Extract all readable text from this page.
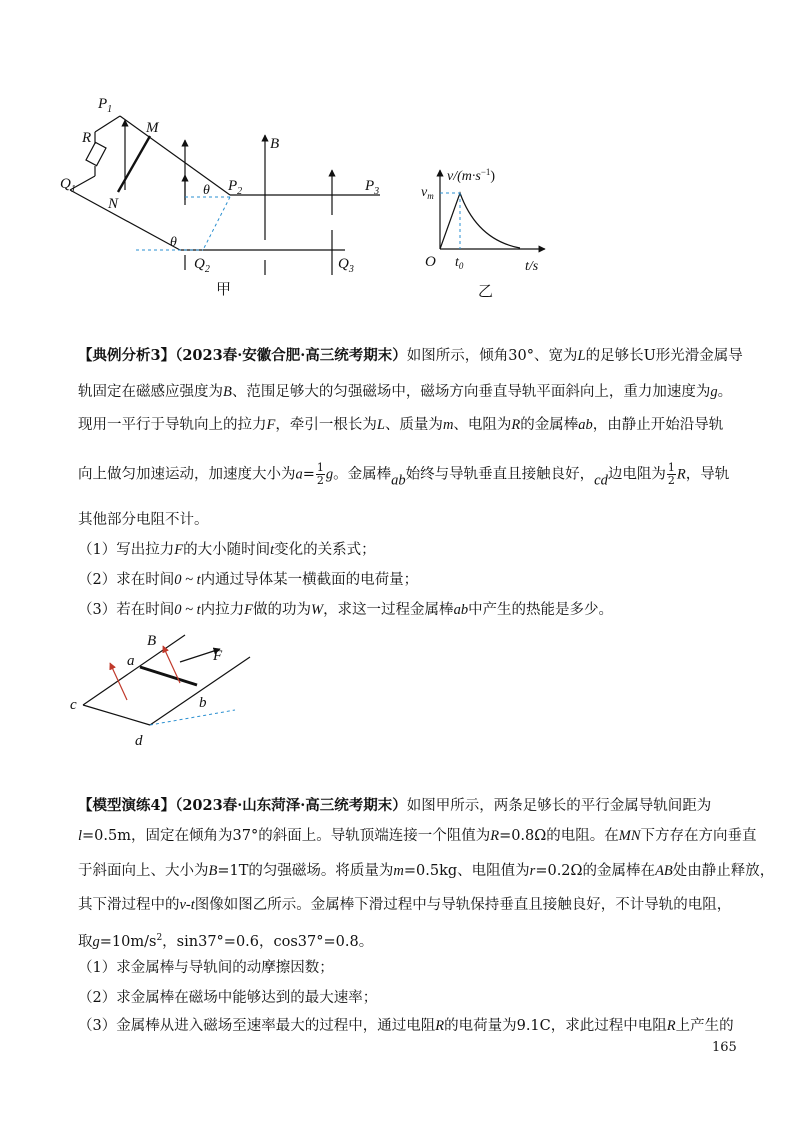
$P_1$
R
M
$Q_1$
N
B
θ $P_2$	$P_3$
θ
$Q_2$	$Q_3$
甲
$v/(m\cdot s^{-1})$
$v_m$
O $t_0$	t/s
乙
【典例分析3】（2023春·安徽合肥·高三统考期末）如图所示，倾角30°、宽为L的足够长U形光滑金属导
轨固定在磁感应强度为B、范围足够大的匀强磁场中，磁场方向垂直导轨平面斜向上，重力加速度为g。
现用一平行于导轨向上的拉力F，牵引一根长为L、质量为m、电阻为R的金属棒ab，由静止开始沿导轨
向上做匀加速运动，加速度大小为$a= \frac{1}{2}$ g。金属棒ab始终与导轨垂直且接触良好，cd边电阻为 $\frac{1}{2}$ R，导轨
其他部分电阻不计。
（1）写出拉力F的大小随时间t变化的关系式；
（2）求在时间0 ~ t内通过导体某一横截面的电荷量；
（3）若在时间0 ~ t内拉力F做的功为W，求这一过程金属棒ab中产生的热能是多少。
B
F
a
b
c
d
【模型演练4】（2023春·山东菏泽·高三统考期末）如图甲所示，两条足够长的平行金属导轨间距为
l=0.5m，固定在倾角为37°的斜面上。导轨顶端连接一个阻值为R=0.8Ω的电阻。在MN下方存在方向垂直
于斜面向上、大小为B=1T的匀强磁场。将质量为m=0.5kg、电阻值为r=0.2Ω的金属棒在AB处由静止释放，
其下滑过程中的v-t图像如图乙所示。金属棒下滑过程中与导轨保持垂直且接触良好，不计导轨的电阻，
取$g=10m/s^2$，sin37°=0.6，cos37°=0.8。
（1）求金属棒与导轨间的动摩擦因数；
（2）求金属棒在磁场中能够达到的最大速率；
（3）金属棒从进入磁场至速率最大的过程中，通过电阻R的电荷量为9.1C，求此过程中电阻R上产生的
165
